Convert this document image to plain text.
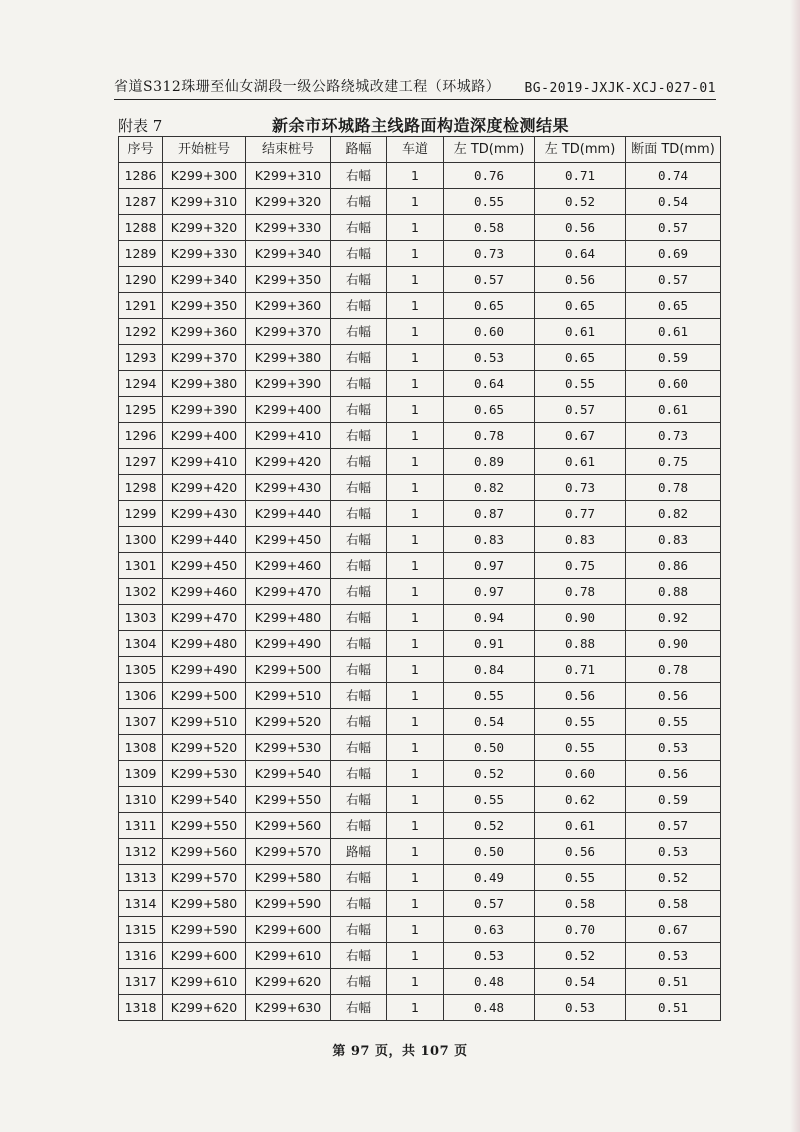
省道S312珠珊至仙女湖段一级公路绕城改建工程（环城路） BG-2019-JXJK-XCJ-027-01
附表 7	新余市环城路主线路面构造深度检测结果
序号	开始桩号	结束桩号	路幅	车道	左 TD(mm)	左 TD(mm)	断面 TD(mm)
1286	K299+300	K299+310	右幅	1	0.76	0.71	0.74
1287	K299+310	K299+320	右幅	1	0.55	0.52	0.54
1288	K299+320	K299+330	右幅	1	0.58	0.56	0.57
1289	K299+330	K299+340	右幅	1	0.73	0.64	0.69
1290	K299+340	K299+350	右幅	1	0.57	0.56	0.57
1291	K299+350	K299+360	右幅	1	0.65	0.65	0.65
1292	K299+360	K299+370	右幅	1	0.60	0.61	0.61
1293	K299+370	K299+380	右幅	1	0.53	0.65	0.59
1294	K299+380	K299+390	右幅	1	0.64	0.55	0.60
1295	K299+390	K299+400	右幅	1	0.65	0.57	0.61
1296	K299+400	K299+410	右幅	1	0.78	0.67	0.73
1297	K299+410	K299+420	右幅	1	0.89	0.61	0.75
1298	K299+420	K299+430	右幅	1	0.82	0.73	0.78
1299	K299+430	K299+440	右幅	1	0.87	0.77	0.82
1300	K299+440	K299+450	右幅	1	0.83	0.83	0.83
1301	K299+450	K299+460	右幅	1	0.97	0.75	0.86
1302	K299+460	K299+470	右幅	1	0.97	0.78	0.88
1303	K299+470	K299+480	右幅	1	0.94	0.90	0.92
1304	K299+480	K299+490	右幅	1	0.91	0.88	0.90
1305	K299+490	K299+500	右幅	1	0.84	0.71	0.78
1306	K299+500	K299+510	右幅	1	0.55	0.56	0.56
1307	K299+510	K299+520	右幅	1	0.54	0.55	0.55
1308	K299+520	K299+530	右幅	1	0.50	0.55	0.53
1309	K299+530	K299+540	右幅	1	0.52	0.60	0.56
1310	K299+540	K299+550	右幅	1	0.55	0.62	0.59
1311	K299+550	K299+560	右幅	1	0.52	0.61	0.57
1312	K299+560	K299+570	路幅	1	0.50	0.56	0.53
1313	K299+570	K299+580	右幅	1	0.49	0.55	0.52
1314	K299+580	K299+590	右幅	1	0.57	0.58	0.58
1315	K299+590	K299+600	右幅	1	0.63	0.70	0.67
1316	K299+600	K299+610	右幅	1	0.53	0.52	0.53
1317	K299+610	K299+620	右幅	1	0.48	0.54	0.51
1318	K299+620	K299+630	右幅	1	0.48	0.53	0.51
第 97 页，共 107 页
